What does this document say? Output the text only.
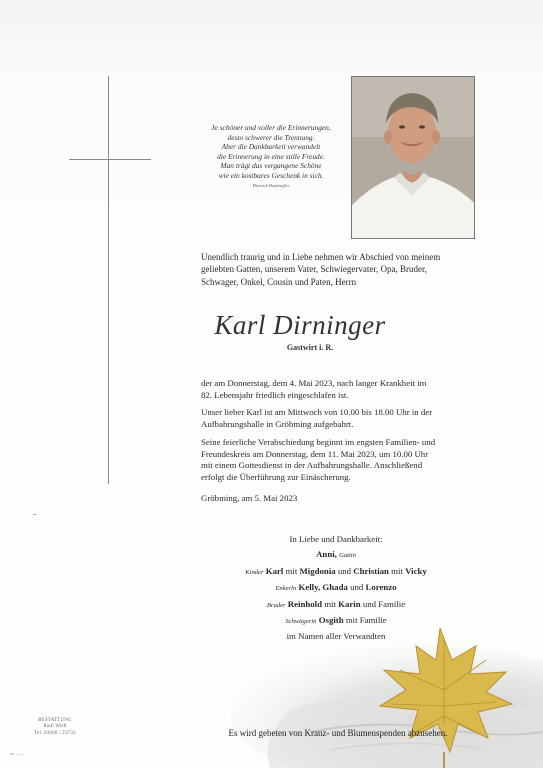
Je schöner und voller die Erinnerungen,
desto schwerer die Trennung.
Aber die Dankbarkeit verwandelt
die Erinnerung in eine stille Freude.
Man trägt das vergangene Schöne
wie ein kostbares Geschenk in sich.
Dietrich Bonhoeffer
Unendlich traurig und in Liebe nehmen wir Abschied von meinem
geliebten Gatten, unserem Vater, Schwiegervater, Opa, Bruder,
Schwager, Onkel, Cousin und Paten, Herrn
Karl Dirninger
Gastwirt i. R.
der am Donnerstag, dem 4. Mai 2023, nach langer Krankheit im
82. Lebensjahr friedlich eingeschlafen ist.
Unser lieber Karl ist am Mittwoch von 10.00 bis 18.00 Uhr in der
Aufbahrungshalle in Gröbming aufgebahrt.
Seine feierliche Verabschiedung beginnt im engsten Familien- und
Freundeskreis am Donnerstag, dem 11. Mai 2023, um 10.00 Uhr
mit einem Gottesdienst in der Aufbahrungshalle. Anschließend
erfolgt die Überführung zur Einäscherung.
Gröbming, am 5. Mai 2023
In Liebe und Dankbarkeit:
Anni, Gattin
Kinder Karl mit Migdonia und Christian mit Vicky
Enkerln Kelly, Ghada und Lorenzo
Bruder Reinhold mit Karin und Familie
Schwägerin Osgith mit Familie
im Namen aller Verwandten
Es wird gebeten von Kranz- und Blumenspenden abzusehen.
BESTATTUNG
Rudi Weiß
Tel. 03686 / 23732
▪▪▪ ——
